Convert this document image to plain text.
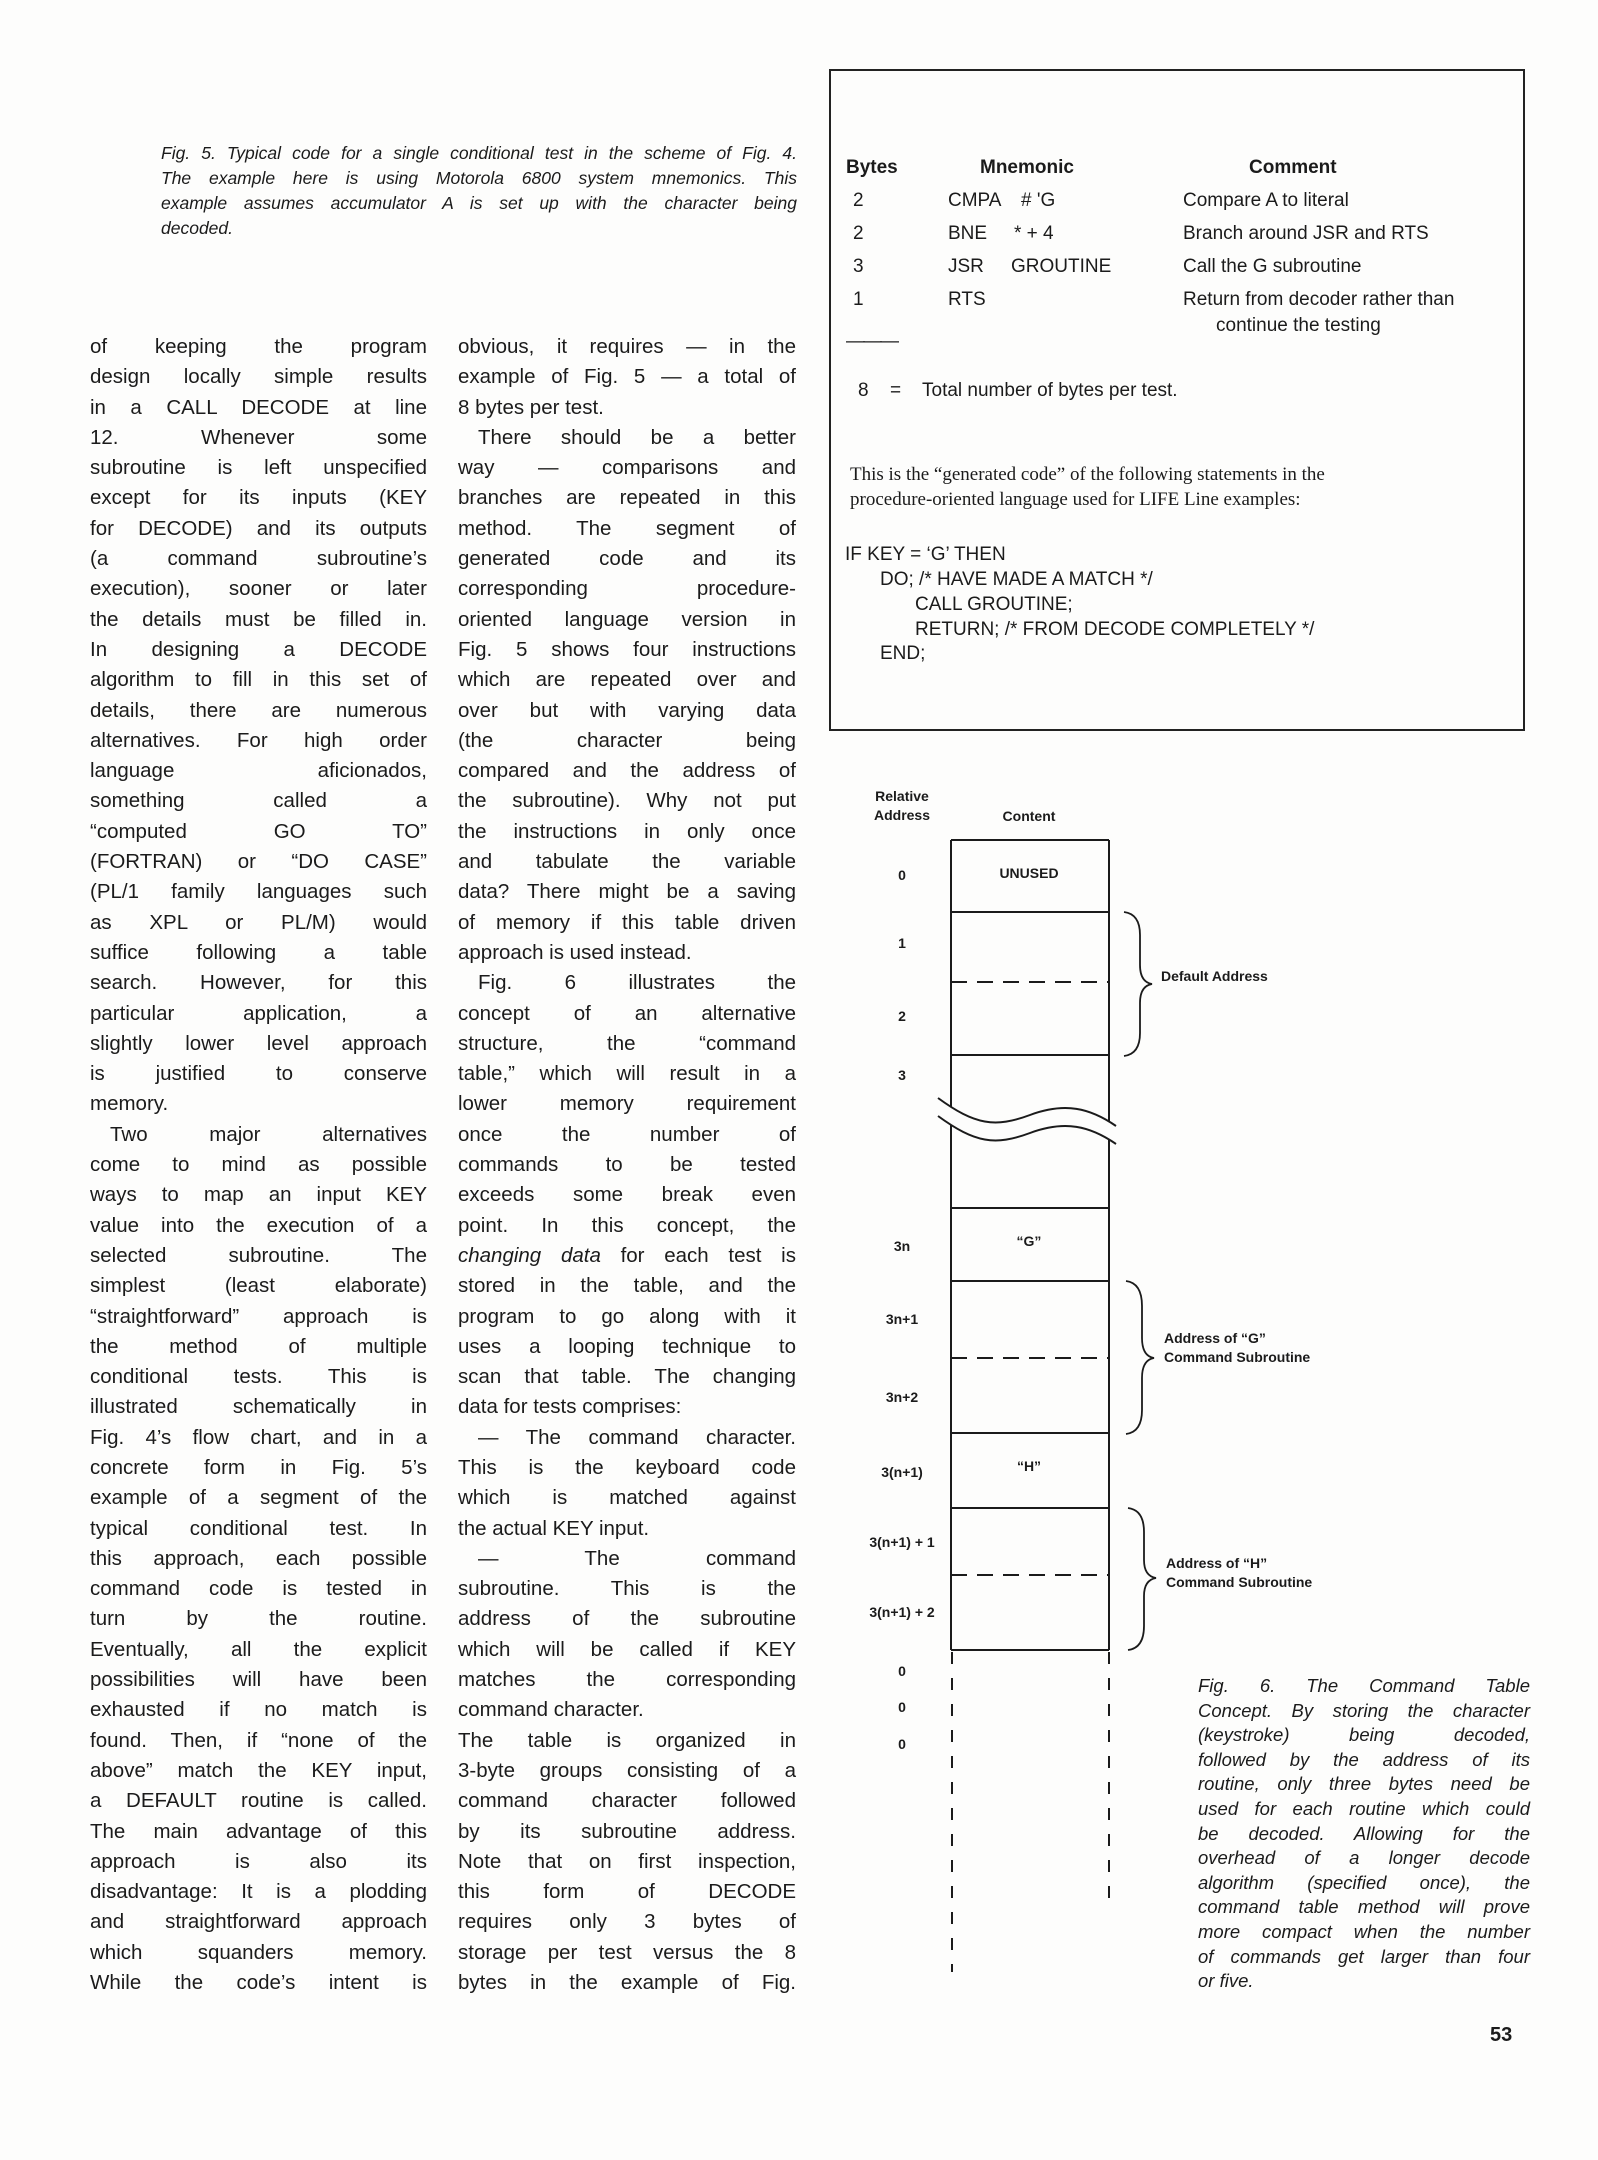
Fig. 5. Typical code for a single conditional test in the scheme of Fig. 4.
The example here is using Motorola 6800 system mnemonics. This
example assumes accumulator A is set up with the character being
decoded.
Bytes	Mnemonic	Comment
2	CMPA # 'G	Compare A to literal
2	BNE * + 4	Branch around JSR and RTS
3	JSR GROUTINE	Call the G subroutine
1	RTS	Return from decoder rather than
continue the testing
———
8 = Total number of bytes per test.
This is the “generated code” of the following statements in the
procedure-oriented language used for LIFE Line examples:
IF KEY = ‘G’ THEN
DO; /* HAVE MADE A MATCH */
CALL GROUTINE;
RETURN; /* FROM DECODE COMPLETELY */
END;
of keeping the program
design locally simple results
in a CALL DECODE at line
12. Whenever some
subroutine is left unspecified
except for its inputs (KEY
for DECODE) and its outputs
(a command subroutine’s
execution), sooner or later
the details must be filled in.
In designing a DECODE
algorithm to fill in this set of
details, there are numerous
alternatives. For high order
language aficionados,
something called a
“computed GO TO”
(FORTRAN) or “DO CASE”
(PL/1 family languages such
as XPL or PL/M) would
suffice following a table
search. However, for this
particular application, a
slightly lower level approach
is justified to conserve
memory.
Two major alternatives
come to mind as possible
ways to map an input KEY
value into the execution of a
selected subroutine. The
simplest (least elaborate)
“straightforward” approach is
the method of multiple
conditional tests. This is
illustrated schematically in
Fig. 4’s flow chart, and in a
concrete form in Fig. 5’s
example of a segment of the
typical conditional test. In
this approach, each possible
command code is tested in
turn by the routine.
Eventually, all the explicit
possibilities will have been
exhausted if no match is
found. Then, if “none of the
above” match the KEY input,
a DEFAULT routine is called.
The main advantage of this
approach is also its
disadvantage: It is a plodding
and straightforward approach
which squanders memory.
While the code’s intent is
obvious, it requires — in the
example of Fig. 5 — a total of
8 bytes per test.
There should be a better
way — comparisons and
branches are repeated in this
method. The segment of
generated code and its
corresponding procedure-
oriented language version in
Fig. 5 shows four instructions
which are repeated over and
over but with varying data
(the character being
compared and the address of
the subroutine). Why not put
the instructions in only once
and tabulate the variable
data? There might be a saving
of memory if this table driven
approach is used instead.
Fig. 6 illustrates the
concept of an alternative
structure, the “command
table,” which will result in a
lower memory requirement
once the number of
commands to be tested
exceeds some break even
point. In this concept, the
changing data for each test is
stored in the table, and the
program to go along with it
uses a looping technique to
scan that table. The changing
data for tests comprises:
— The command character.
This is the keyboard code
which is matched against
the actual KEY input.
— The command
subroutine. This is the
address of the subroutine
which will be called if KEY
matches the corresponding
command character.
The table is organized in
3-byte groups consisting of a
command character followed
by its subroutine address.
Note that on first inspection,
this form of DECODE
requires only 3 bytes of
storage per test versus the 8
bytes in the example of Fig.
Relative
Address	Content
0
1
2
3
3n
3n+1
3n+2
3(n+1)
3(n+1) + 1
3(n+1) + 2
0
0
0
UNUSED
“G”
“H”
Default Address
Address of “G”
Command Subroutine
Address of “H”
Command Subroutine
Fig. 6. The Command Table
Concept. By storing the character
(keystroke) being decoded,
followed by the address of its
routine, only three bytes need be
used for each routine which could
be decoded. Allowing for the
overhead of a longer decode
algorithm (specified once), the
command table method will prove
more compact when the number
of commands get larger than four
or five.
53
